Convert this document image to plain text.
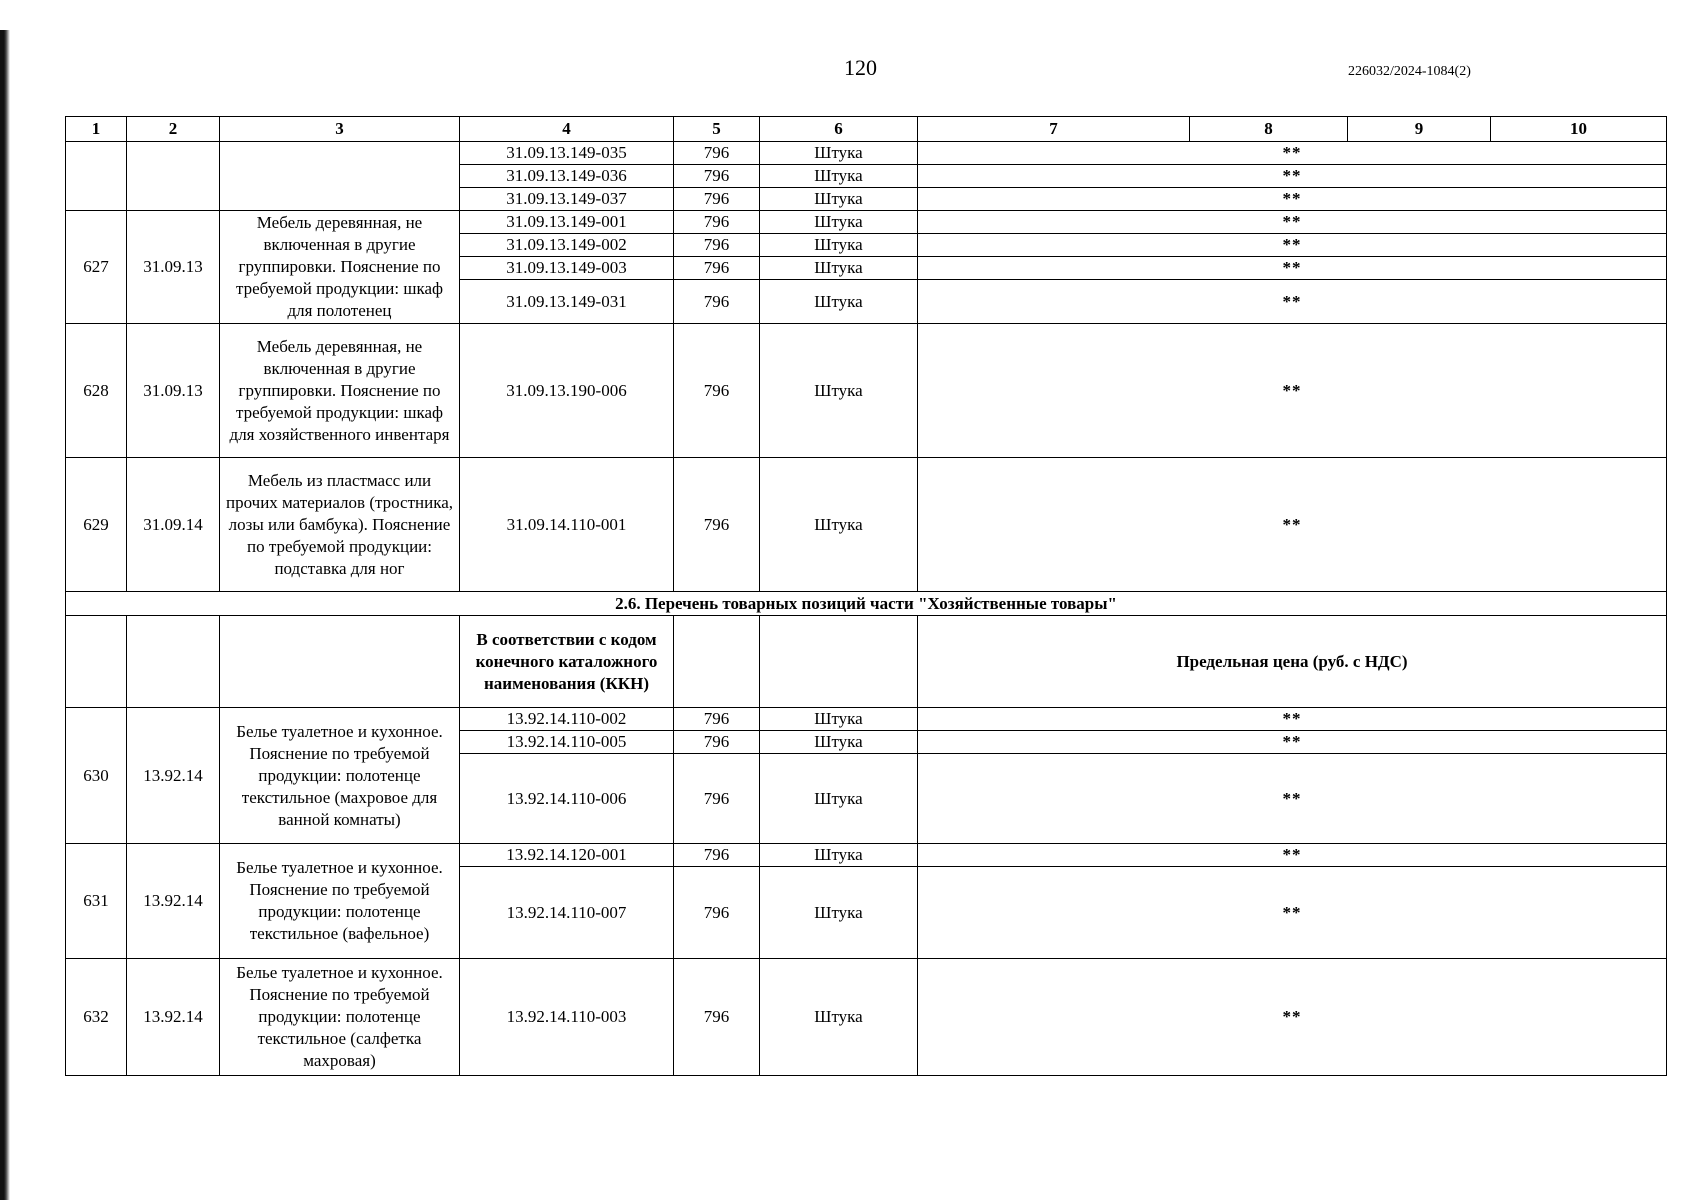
120	226032/2024-1084(2)
1	2	3	4	5	6	7	8	9	10
			31.09.13.149-035	796	Штука	**			
			31.09.13.149-036	796	Штука	**			
			31.09.13.149-037	796	Штука	**			
627	31.09.13	Мебель деревянная, не включенная в другие группировки. Пояснение по требуемой продукции: шкаф для полотенец	31.09.13.149-001	796	Штука	**			
			31.09.13.149-002	796	Штука	**			
			31.09.13.149-003	796	Штука	**			
			31.09.13.149-031	796	Штука	**			
628	31.09.13	Мебель деревянная, не включенная в другие группировки. Пояснение по требуемой продукции: шкаф для хозяйственного инвентаря	31.09.13.190-006	796	Штука	**			
629	31.09.14	Мебель из пластмасс или прочих материалов (тростника, лозы или бамбука). Пояснение по требуемой продукции: подставка для ног	31.09.14.110-001	796	Штука	**			
2.6. Перечень товарных позиций части "Хозяйственные товары"									
			В соответствии с кодом конечного каталожного наименования (ККН)			Предельная цена (руб. с НДС)			
630	13.92.14	Белье туалетное и кухонное. Пояснение по требуемой продукции: полотенце текстильное (махровое для ванной комнаты)	13.92.14.110-002	796	Штука	**			
			13.92.14.110-005	796	Штука	**			
			13.92.14.110-006	796	Штука	**			
631	13.92.14	Белье туалетное и кухонное. Пояснение по требуемой продукции: полотенце текстильное (вафельное)	13.92.14.120-001	796	Штука	**			
			13.92.14.110-007	796	Штука	**			
632	13.92.14	Белье туалетное и кухонное. Пояснение по требуемой продукции: полотенце текстильное (салфетка махровая)	13.92.14.110-003	796	Штука	**			
